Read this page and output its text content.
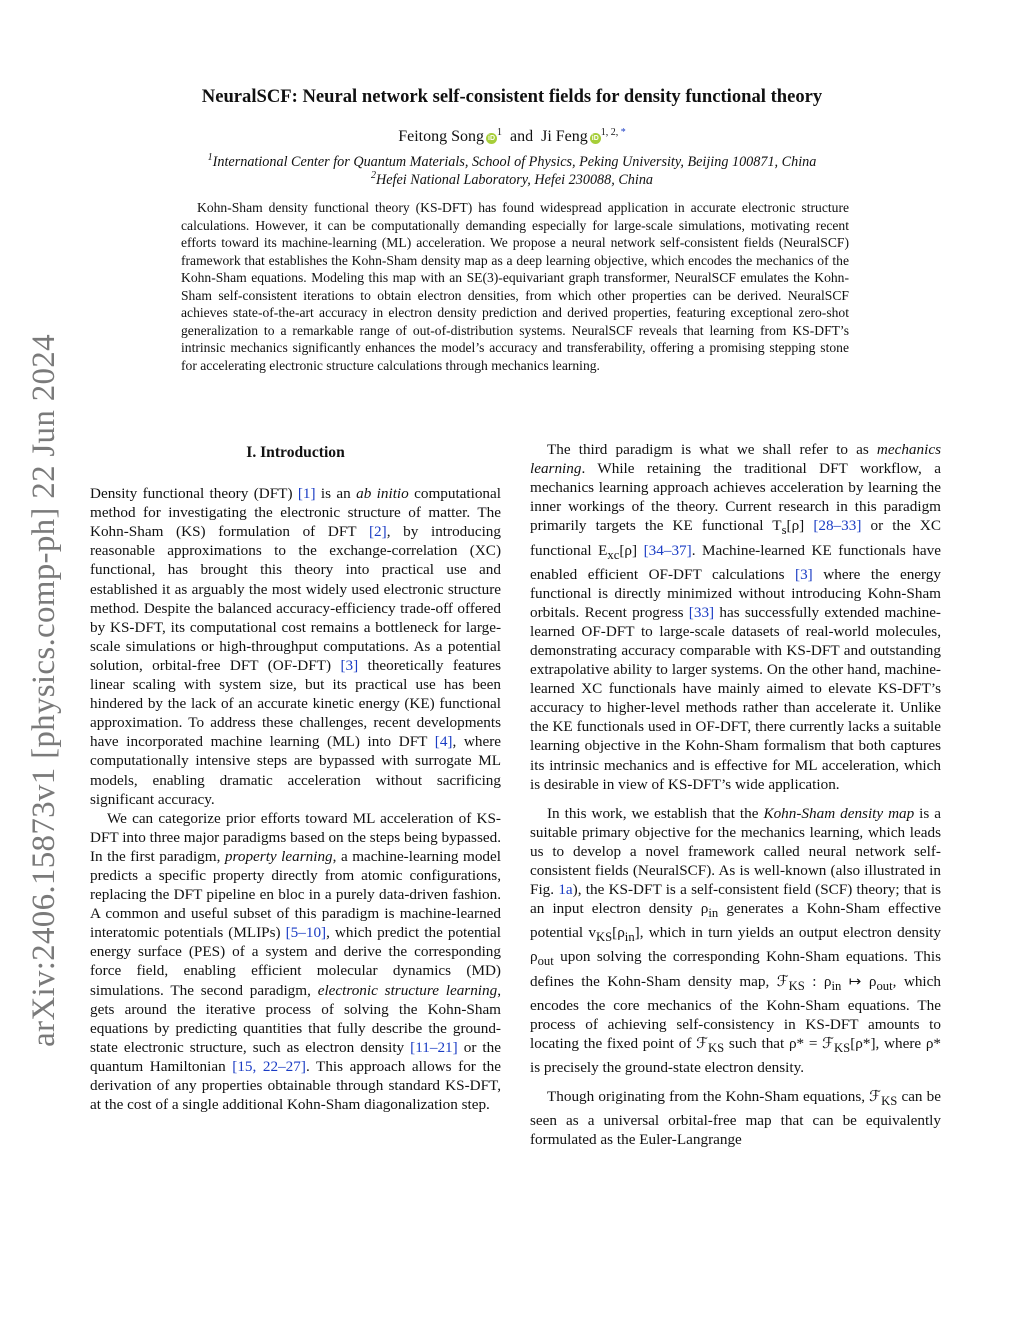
arXiv:2406.15873v1 [physics.comp-ph] 22 Jun 2024
NeuralSCF: Neural network self-consistent fields for density functional theory
Feitong Song $iD^1$ and Ji Feng $iD^{1, 2,}$ *
$^1$International Center for Quantum Materials, School of Physics, Peking University, Beijing 100871, China
$^2$Hefei National Laboratory, Hefei 230088, China

Kohn-Sham density functional theory (KS-DFT) has found widespread application in accurate electronic structure calculations. However, it can be computationally demanding especially for large-scale simulations, motivating recent efforts toward its machine-learning (ML) acceleration. We propose a neural network self-consistent fields (NeuralSCF) framework that establishes the Kohn-Sham density map as a deep learning objective, which encodes the mechanics of the Kohn-Sham equations. Modeling this map with an SE(3)-equivariant graph transformer, NeuralSCF emulates the Kohn-Sham self-consistent iterations to obtain electron densities, from which other properties can be derived. NeuralSCF achieves state-of-the-art accuracy in electron density prediction and derived properties, featuring exceptional zero-shot generalization to a remarkable range of out-of-distribution systems. NeuralSCF reveals that learning from KS-DFT’s intrinsic mechanics significantly enhances the model’s accuracy and transferability, offering a promising stepping stone for accelerating electronic structure calculations through mechanics learning.

I. Introduction

Density functional theory (DFT) [1] is an ab initio computational method for investigating the electronic structure of matter. The Kohn-Sham (KS) formulation of DFT [2], by introducing reasonable approximations to the exchange-correlation (XC) functional, has brought this theory into practical use and established it as arguably the most widely used electronic structure method. Despite the balanced accuracy-efficiency trade-off offered by KS-DFT, its computational cost remains a bottleneck for large-scale simulations or high-throughput computations. As a potential solution, orbital-free DFT (OF-DFT) [3] theoretically features linear scaling with system size, but its practical use has been hindered by the lack of an accurate kinetic energy (KE) functional approximation. To address these challenges, recent developments have incorporated machine learning (ML) into DFT [4], where computationally intensive steps are bypassed with surrogate ML models, enabling dramatic acceleration without sacrificing significant accuracy.

We can categorize prior efforts toward ML acceleration of KS-DFT into three major paradigms based on the steps being bypassed. In the first paradigm, property learning, a machine-learning model predicts a specific property directly from atomic configurations, replacing the DFT pipeline en bloc in a purely data-driven fashion. A common and useful subset of this paradigm is machine-learned interatomic potentials (MLIPs) [5–10], which predict the potential energy surface (PES) of a system and derive the corresponding force field, enabling efficient molecular dynamics (MD) simulations. The second paradigm, electronic structure learning, gets around the iterative process of solving the Kohn-Sham equations by predicting quantities that fully describe the ground-state electronic structure, such as electron density [11–21] or the quantum Hamiltonian [15, 22–27]. This approach allows for the derivation of any properties obtainable through standard KS-DFT, at the cost of a single additional Kohn-Sham diagonalization step.

The third paradigm is what we shall refer to as mechanics learning. While retaining the traditional DFT workflow, a mechanics learning approach achieves acceleration by learning the inner workings of the theory. Current research in this paradigm primarily targets the KE functional $T_s[\rho]$ [28–33] or the XC functional $E_{xc}[\rho]$ [34–37]. Machine-learned KE functionals have enabled efficient OF-DFT calculations [3] where the energy functional is directly minimized without introducing Kohn-Sham orbitals. Recent progress [33] has successfully extended machine-learned OF-DFT to large-scale datasets of real-world molecules, demonstrating accuracy comparable with KS-DFT and outstanding extrapolative ability to larger systems. On the other hand, machine-learned XC functionals have mainly aimed to elevate KS-DFT’s accuracy to higher-level methods rather than accelerate it. Unlike the KE functionals used in OF-DFT, there currently lacks a suitable learning objective in the Kohn-Sham formalism that both captures its intrinsic mechanics and is effective for ML acceleration, which is desirable in view of KS-DFT’s wide application.

In this work, we establish that the Kohn-Sham density map is a suitable primary objective for the mechanics learning, which leads us to develop a novel framework called neural network self-consistent fields (NeuralSCF). As is well-known (also illustrated in Fig. 1a), the KS-DFT is a self-consistent field (SCF) theory; that is an input electron density $\rho_{in}$ generates a Kohn-Sham effective potential $v_{KS}[\rho_{in}]$, which in turn yields an output electron density $\rho_{out}$ upon solving the corresponding Kohn-Sham equations. This defines the Kohn-Sham density map, ℱ$_{KS}$ : $\rho_{in}$ ↦ $\rho_{out}$, which encodes the core mechanics of the Kohn-Sham equations. The process of achieving self-consistency in KS-DFT amounts to locating the fixed point of ℱ$_{KS}$ such that ρ* = ℱ$_{KS}$[ρ*], where ρ* is precisely the ground-state electron density.

Though originating from the Kohn-Sham equations, ℱ$_{KS}$ can be seen as a universal orbital-free map that can be equivalently formulated as the Euler-Langrange
